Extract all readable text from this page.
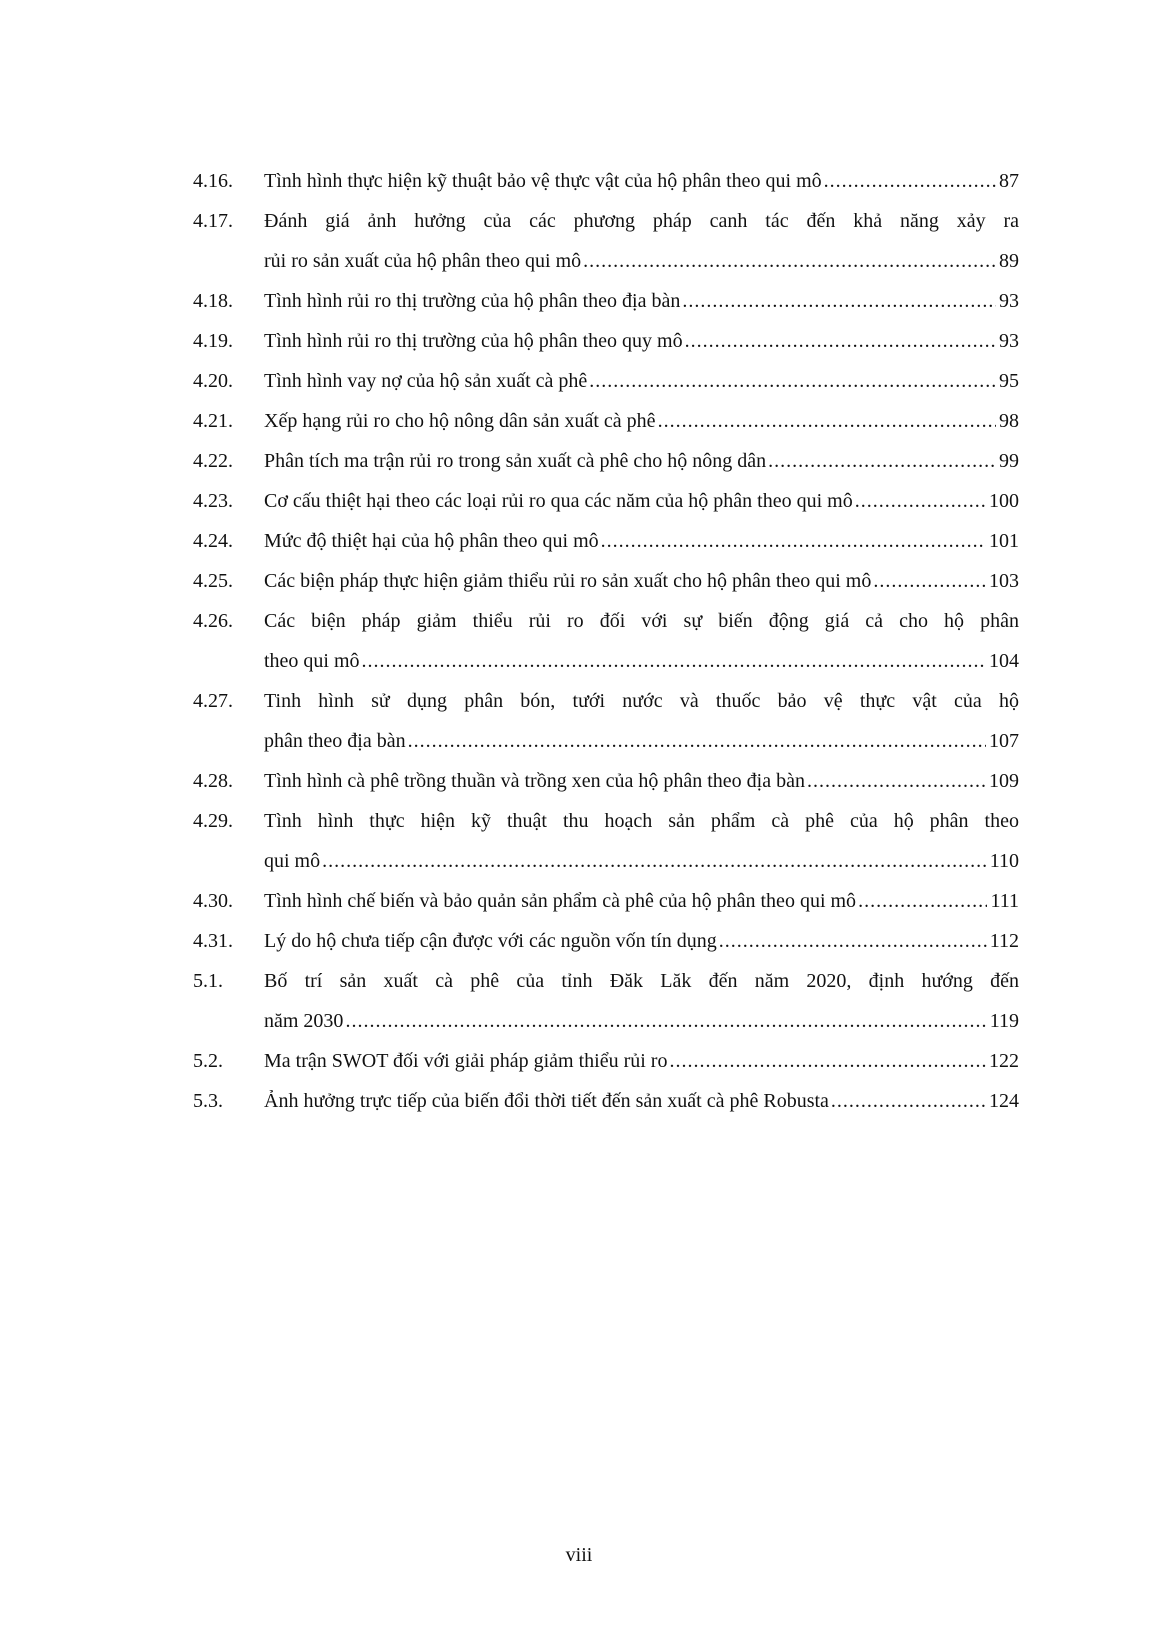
4.16.	Tình hình thực hiện kỹ thuật bảo vệ thực vật của hộ phân theo qui mô .....	87
4.17.	Đánh giá ảnh hưởng của các phương pháp canh tác đến khả năng xảy ra
rủi ro sản xuất của hộ phân theo qui mô .....	89
4.18.	Tình hình rủi ro thị trường của hộ phân theo địa bàn .....	93
4.19.	Tình hình rủi ro thị trường của hộ phân theo quy mô .....	93
4.20.	Tình hình vay nợ của hộ sản xuất cà phê .....	95
4.21.	Xếp hạng rủi ro cho hộ nông dân sản xuất cà phê .....	98
4.22.	Phân tích ma trận rủi ro trong sản xuất cà phê cho hộ nông dân .....	99
4.23.	Cơ cấu thiệt hại theo các loại rủi ro qua các năm của hộ phân theo qui mô .....	100
4.24.	Mức độ thiệt hại của hộ phân theo qui mô .....	101
4.25.	Các biện pháp thực hiện giảm thiểu rủi ro sản xuất cho hộ phân theo qui mô .....	103
4.26.	Các biện pháp giảm thiểu rủi ro đối với sự biến động giá cả cho hộ phân
theo qui mô .....	104
4.27.	Tinh hình sử dụng phân bón, tưới nước và thuốc bảo vệ thực vật của hộ
phân theo địa bàn .....	107
4.28.	Tình hình cà phê trồng thuần và trồng xen của hộ phân theo địa bàn .....	109
4.29.	Tình hình thực hiện kỹ thuật thu hoạch sản phẩm cà phê của hộ phân theo
qui mô .....	110
4.30.	Tình hình chế biến và bảo quản sản phẩm cà phê của hộ phân theo qui mô .....	111
4.31.	Lý do hộ chưa tiếp cận được với các nguồn vốn tín dụng .....	112
5.1.	Bố trí sản xuất cà phê của tỉnh Đăk Lăk đến năm 2020, định hướng đến
năm 2030 .....	119
5.2.	Ma trận SWOT đối với giải pháp giảm thiểu rủi ro .....	122
5.3.	Ảnh hưởng trực tiếp của biến đổi thời tiết đến sản xuất cà phê Robusta .....	124
viii
